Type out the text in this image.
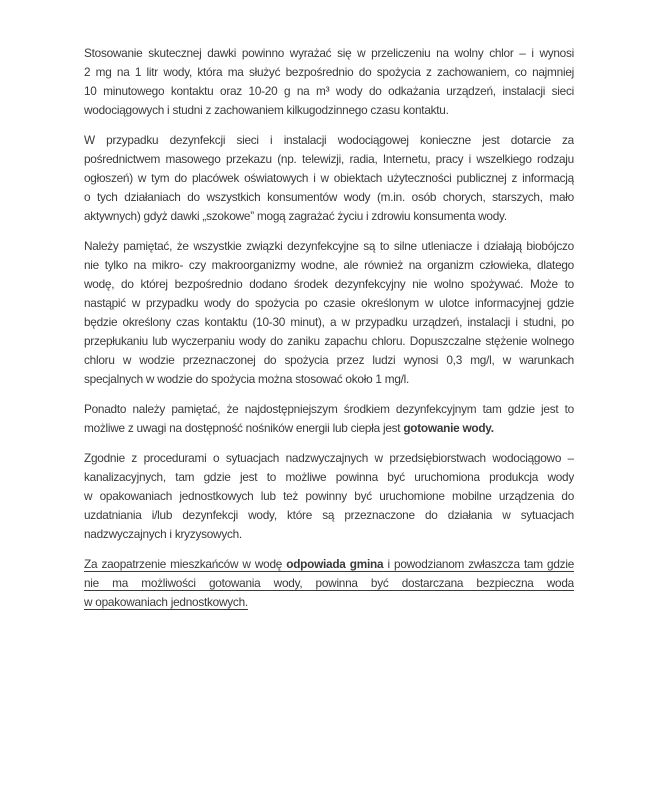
Stosowanie skutecznej dawki powinno wyrażać się w przeliczeniu na wolny chlor – i wynosi
2 mg na 1 litr wody, która ma służyć bezpośrednio do spożycia z zachowaniem, co najmniej
10 minutowego kontaktu oraz 10-20 g na m³ wody do odkażania urządzeń, instalacji sieci
wodociągowych i studni z zachowaniem kilkugodzinnego czasu kontaktu.
W przypadku dezynfekcji sieci i instalacji wodociągowej konieczne jest dotarcie za
pośrednictwem masowego przekazu (np. telewizji, radia, Internetu, pracy i wszelkiego rodzaju
ogłoszeń) w tym do placówek oświatowych i w obiektach użyteczności publicznej z informacją
o tych działaniach do wszystkich konsumentów wody (m.in. osób chorych, starszych, mało
aktywnych) gdyż dawki „szokowe” mogą zagrażać życiu i zdrowiu konsumenta wody.
Należy pamiętać, że wszystkie związki dezynfekcyjne są to silne utleniacze i działają biobójczo
nie tylko na mikro- czy makroorganizmy wodne, ale również na organizm człowieka, dlatego
wodę, do której bezpośrednio dodano środek dezynfekcyjny nie wolno spożywać. Może to
nastąpić w przypadku wody do spożycia po czasie określonym w ulotce informacyjnej gdzie
będzie określony czas kontaktu (10-30 minut), a w przypadku urządzeń, instalacji i studni, po
przepłukaniu lub wyczerpaniu wody do zaniku zapachu chloru. Dopuszczalne stężenie wolnego
chloru w wodzie przeznaczonej do spożycia przez ludzi wynosi 0,3 mg/l, w warunkach
specjalnych w wodzie do spożycia można stosować około 1 mg/l.
Ponadto należy pamiętać, że najdostępniejszym środkiem dezynfekcyjnym tam gdzie jest to
możliwe z uwagi na dostępność nośników energii lub ciepła jest gotowanie wody.
Zgodnie z procedurami o sytuacjach nadzwyczajnych w przedsiębiorstwach wodociągowo –
kanalizacyjnych, tam gdzie jest to możliwe powinna być uruchomiona produkcja wody
w opakowaniach jednostkowych lub też powinny być uruchomione mobilne urządzenia do
uzdatniania i/lub dezynfekcji wody, które są przeznaczone do działania w sytuacjach
nadzwyczajnych i kryzysowych.
Za zaopatrzenie mieszkańców w wodę odpowiada gmina i powodzianom zwłaszcza tam gdzie
nie ma możliwości gotowania wody, powinna być dostarczana bezpieczna woda
w opakowaniach jednostkowych.
